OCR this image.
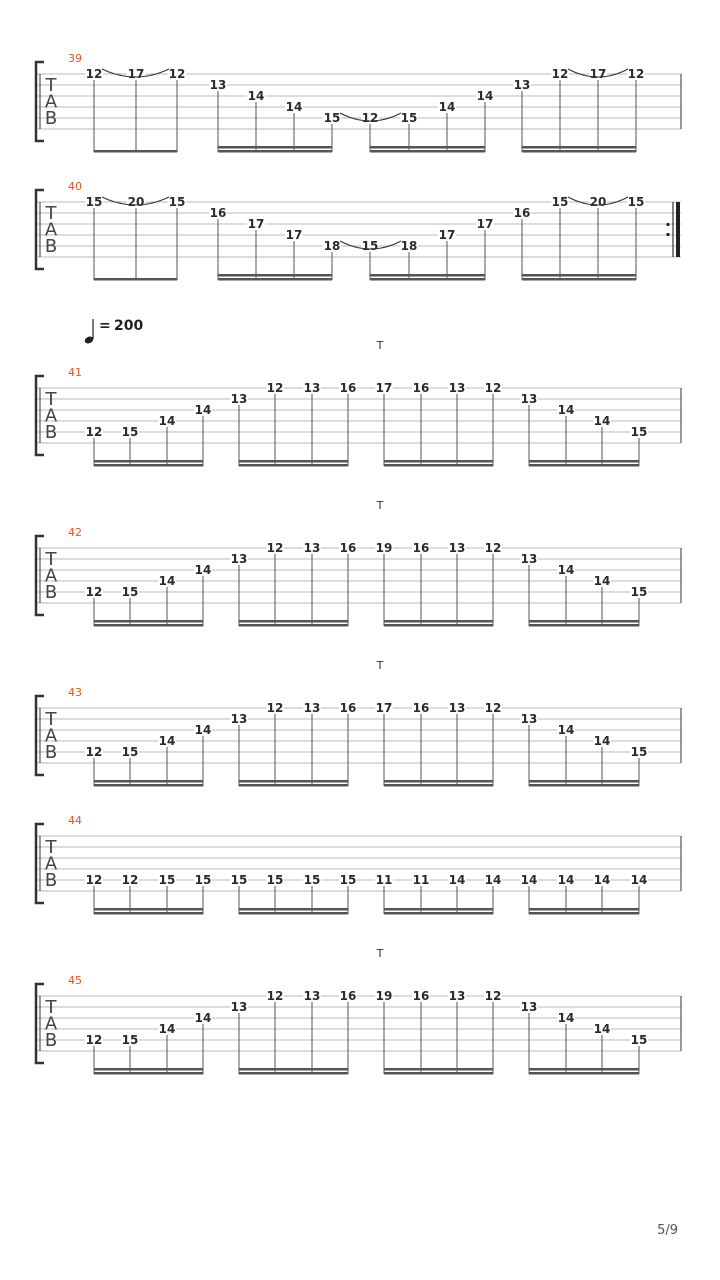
= 200
39
T
A
B
12 17 12
13
14
14
15 12 15
14
14
13
12 17 12
40
T
A
B
15 20 15
16
17
17
18 15 18
17
17
16
15 20 15
T
41
T
A
B 12 15
14
14
13
12 13 16 17 16 13 12
13
14
14
15
T
42
T
A
B 12 15
14
14
13
12 13 16 19 16 13 12
13
14
14
15
T
43
T
A
B 12 15
14
14
13
12 13 16 17 16 13 12
13
14
14
15
44
T
A
B 12 12 15 15 15 15 15 15 11 11 14 14 14 14 14 14
T
45
T
A
B 12 15
14
14
13
12 13 16 19 16 13 12
13
14
14
15
5/9
